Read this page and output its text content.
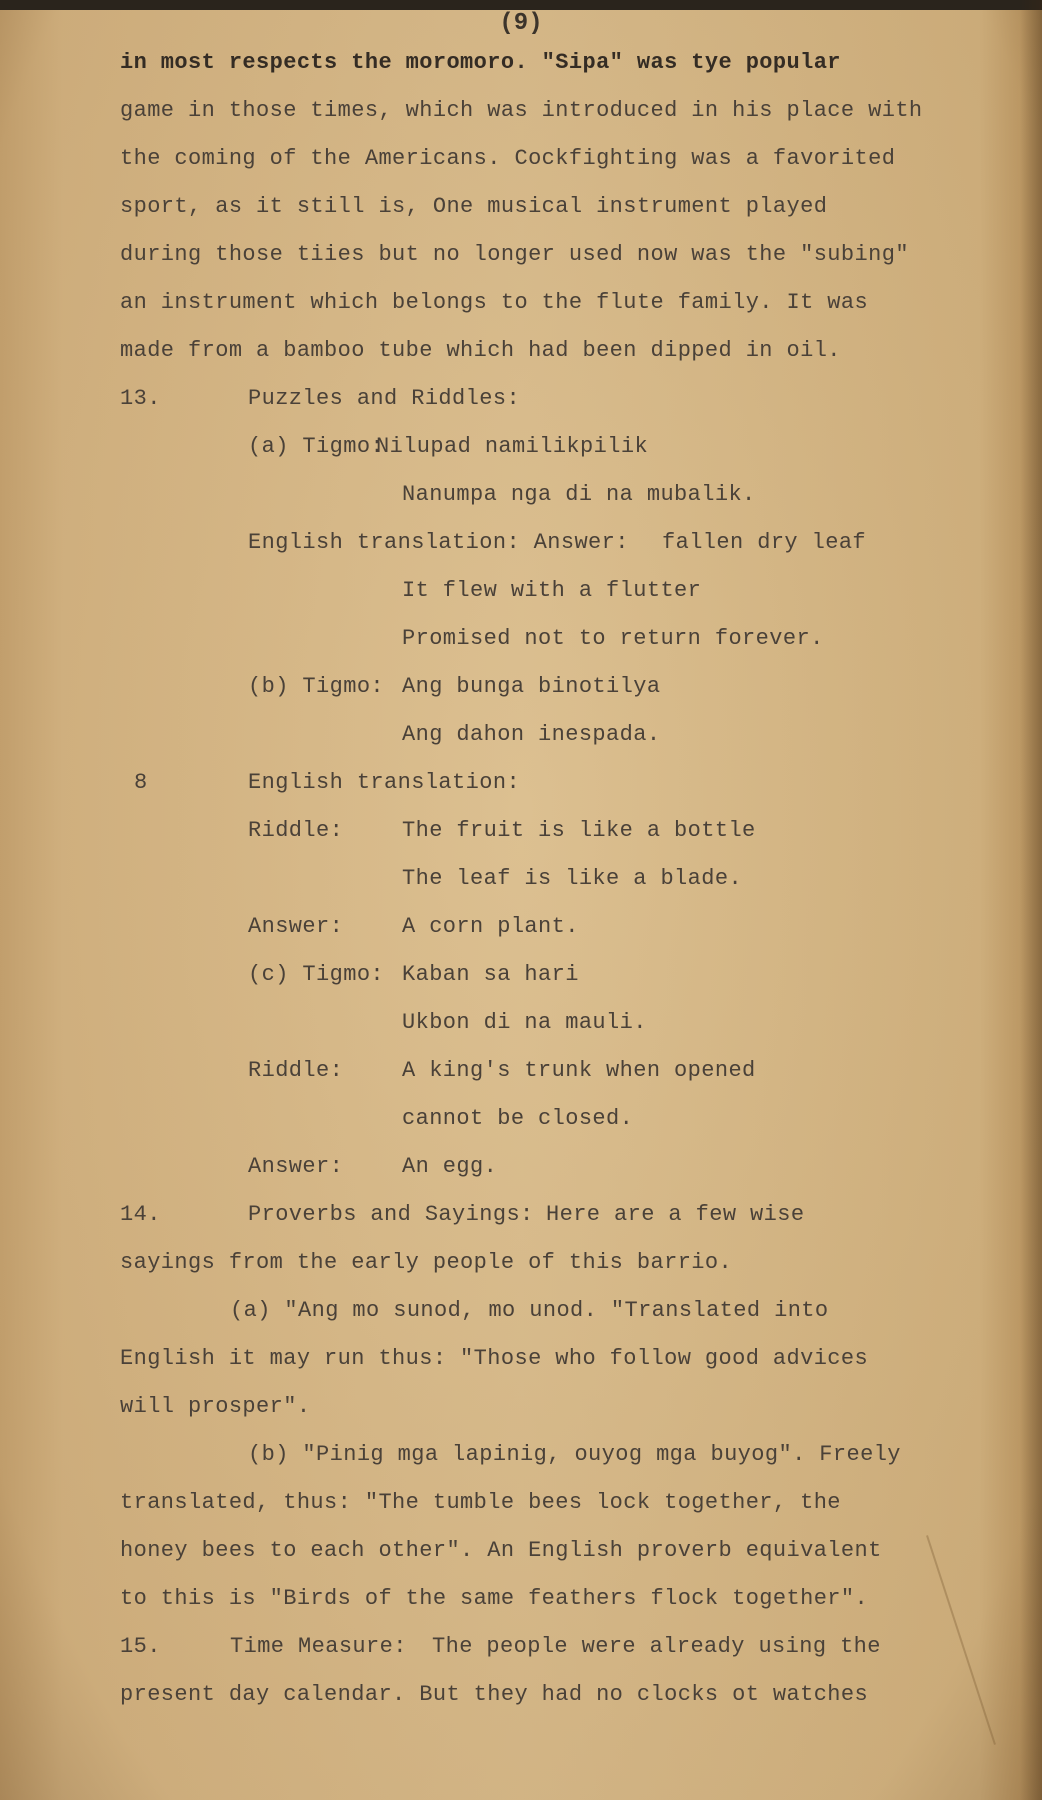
(9)
in most respects the moromoro. "Sipa" was tye popular
game in those times, which was introduced in his place with
the coming of the Americans. Cockfighting was a favorited
sport, as it still is, One musical instrument played
during those tiies but no longer used now was the "subing"
an instrument which belongs to the flute family. It was
made from a bamboo tube which had been dipped in oil.
13.	Puzzles and Riddles:
(a) Tigmo:
Nilupad namilikpilik
Nanumpa nga di na mubalik.
English translation: Answer: fallen dry leaf
It flew with a flutter
Promised not to return forever.
(b) Tigmo: Ang bunga binotilya
Ang dahon inespada.
8	English translation:
Riddle:	The fruit is like a bottle
The leaf is like a blade.
Answer:	A corn plant.
(c) Tigmo: Kaban sa hari
Ukbon di na mauli.
Riddle:	A king's trunk when opened
cannot be closed.
Answer:	An egg.
14.	Proverbs and Sayings: Here are a few wise
sayings from the early people of this barrio.
(a) "Ang mo sunod, mo unod. "Translated into
English it may run thus: "Those who follow good advices
will prosper".
(b) "Pinig mga lapinig, ouyog mga buyog". Freely
translated, thus: "The tumble bees lock together, the
honey bees to each other". An English proverb equivalent
to this is "Birds of the same feathers flock together".
15.	Time Measure: The people were already using the
present day calendar. But they had no clocks ot watches
